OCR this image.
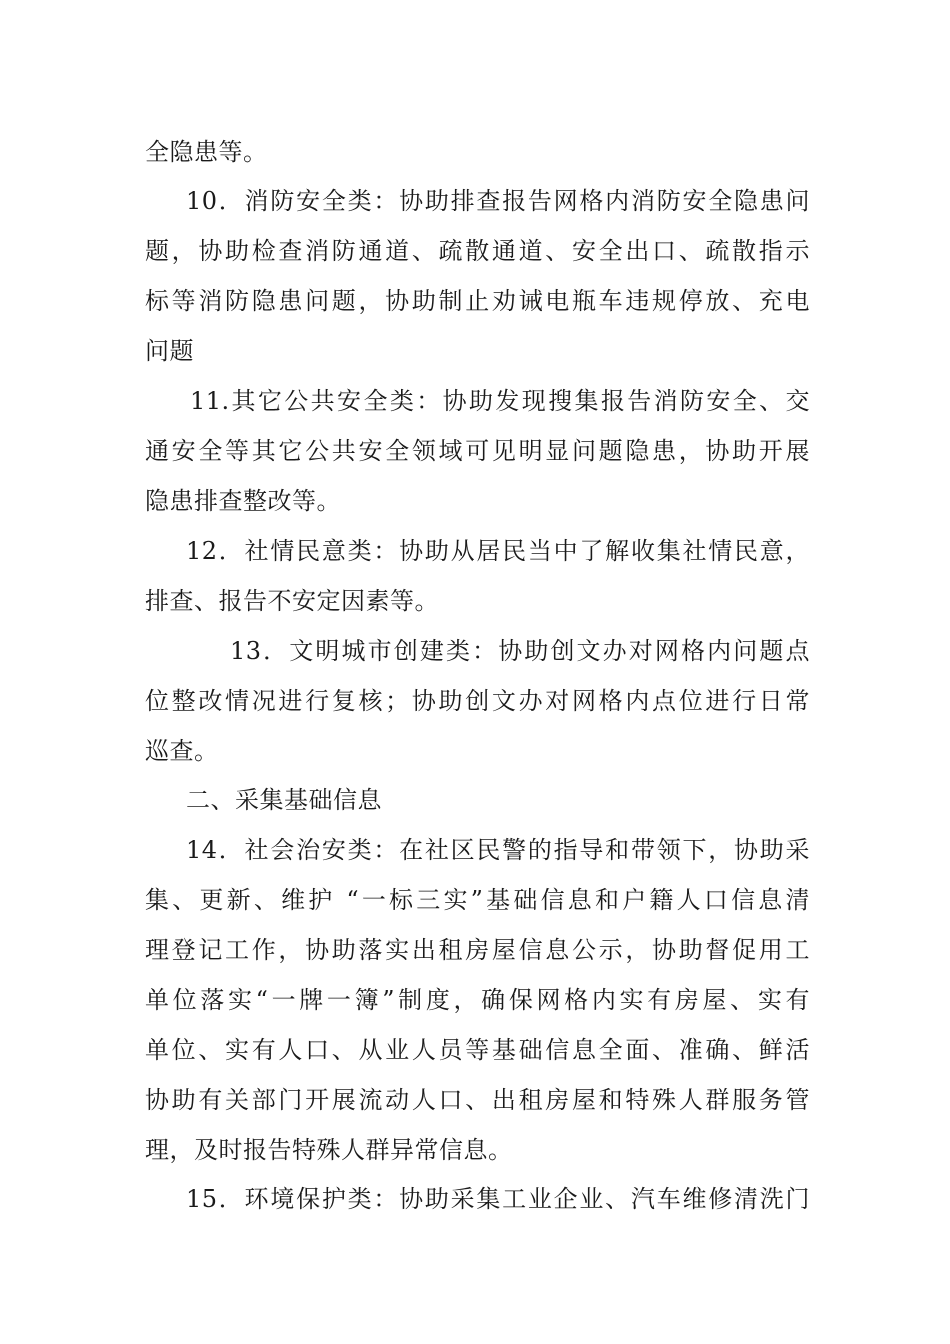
全隐患等。
10．消防安全类：协助排查报告网格内消防安全隐患问
题，协助检查消防通道、疏散通道、安全出口、疏散指示
标等消防隐患问题，协助制止劝诫电瓶车违规停放、充电
问题
11.其它公共安全类：协助发现搜集报告消防安全、交
通安全等其它公共安全领域可见明显问题隐患，协助开展
隐患排查整改等。
12．社情民意类：协助从居民当中了解收集社情民意，
排查、报告不安定因素等。
13．文明城市创建类：协助创文办对网格内问题点
位整改情况进行复核；协助创文办对网格内点位进行日常
巡查。
二、采集基础信息
14．社会治安类：在社区民警的指导和带领下，协助采
集、更新、维护 “一标三实”基础信息和户籍人口信息清
理登记工作，协助落实出租房屋信息公示，协助督促用工
单位落实“一牌一簿”制度，确保网格内实有房屋、实有
单位、实有人口、从业人员等基础信息全面、准确、鲜活
协助有关部门开展流动人口、出租房屋和特殊人群服务管
理，及时报告特殊人群异常信息。
15．环境保护类：协助采集工业企业、汽车维修清洗门
